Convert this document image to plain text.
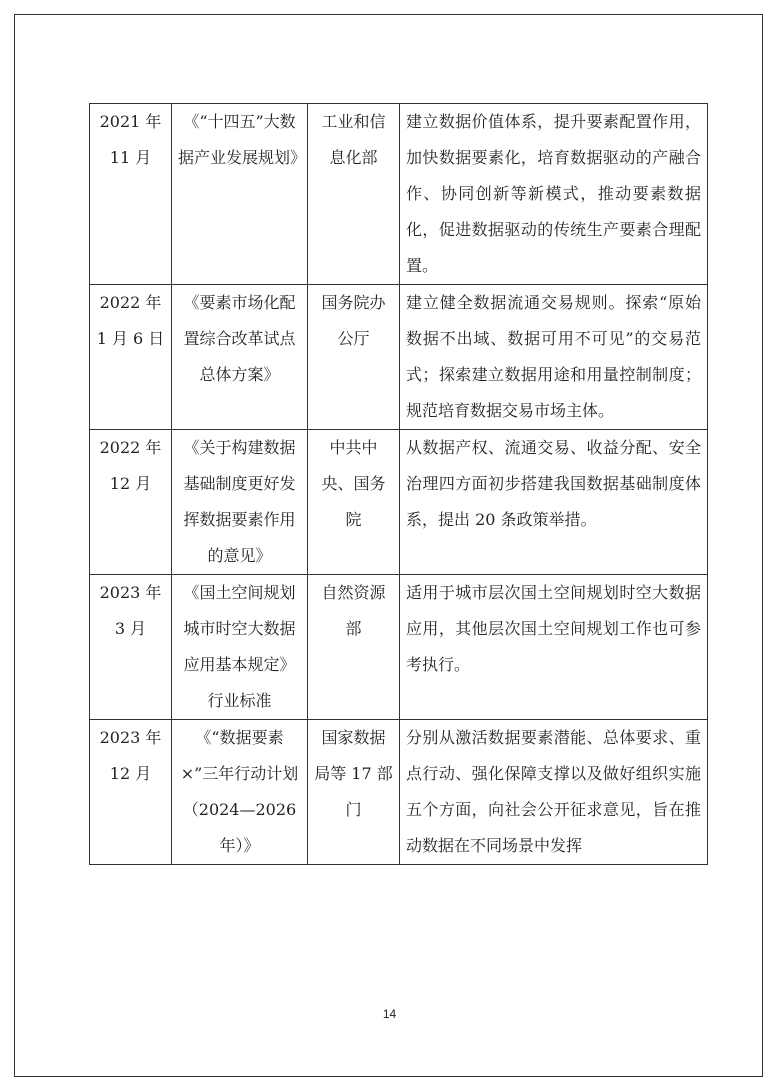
2021 年 11 月	《“十四五”大数据产业发展规划》	工业和信息化部	建立数据价值体系，提升要素配置作用，加快数据要素化，培育数据驱动的产融合作、协同创新等新模式，推动要素数据化，促进数据驱动的传统生产要素合理配置。
2022 年 1 月 6 日	《要素市场化配置综合改革试点总体方案》	国务院办公厅	建立健全数据流通交易规则。探索“原始数据不出域、数据可用不可见”的交易范式；探索建立数据用途和用量控制制度；规范培育数据交易市场主体。
2022 年 12 月	《关于构建数据基础制度更好发挥数据要素作用的意见》	中共中央、国务院	从数据产权、流通交易、收益分配、安全治理四方面初步搭建我国数据基础制度体系，提出 20 条政策举措。
2023 年 3 月	《国土空间规划城市时空大数据应用基本规定》行业标准	自然资源部	适用于城市层次国土空间规划时空大数据应用，其他层次国土空间规划工作也可参考执行。
2023 年 12 月	《“数据要素×”三年行动计划（2024—2026 年）》	国家数据局等 17 部门	分别从激活数据要素潜能、总体要求、重点行动、强化保障支撑以及做好组织实施五个方面，向社会公开征求意见，旨在推动数据在不同场景中发挥
14
